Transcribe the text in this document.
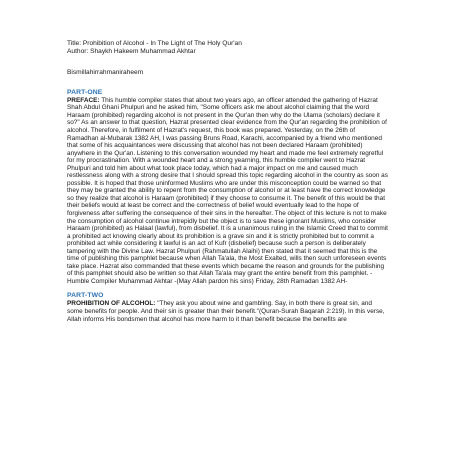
Title: Prohibition of Alcohol - In The Light of The Holy Qur'an

Author: Shaykh Hakeem Muhammad Akhtar

Bismillahirrahmaniraheem

PART-ONE

PREFACE: This humble compiler states that about two years ago, an officer attended the gathering of Hazrat Shah Abdul Ghani Phulpuri and he asked him, "Some officers ask me about alcohol claiming that the word Haraam (prohibited) regarding alcohol is not present in the Qur'an then why do the Ulama (scholars) declare it so?" As an answer to that question, Hazrat presented clear evidence from the Qur'an regarding the prohibition of alcohol. Therefore, in fulfilment of Hazrat's request, this book was prepared. Yesterday, on the 26th of Ramadhan al-Mubarak 1382 AH, I was passing Bruns Road, Karachi, accompanied by a friend who mentioned that some of his acquaintances were discussing that alcohol has not been declared Haraam (prohibited) anywhere in the Qur'an. Listening to this conversation wounded my heart and made me feel extremely regretful for my procrastination. With a wounded heart and a strong yearning, this humble compiler went to Hazrat Phulpuri and told him about what took place today, which had a major impact on me and caused much restlessness along with a strong desire that I should spread this topic regarding alcohol in the country as soon as possible. It is hoped that those uninformed Muslims who are under this misconception could be warned so that they may be granted the ability to repent from the consumption of alcohol or at least have the correct knowledge so they realize that alcohol is Haraam (prohibited) if they choose to consume it. The benefit of this would be that their beliefs would at least be correct and the correctness of belief would eventually lead to the hope of forgiveness after suffering the consequence of their sins in the hereafter. The object of this lecture is not to make the consumption of alcohol continue intrepidly but the object is to save these ignorant Muslims, who consider Haraam (prohibited) as Halaal (lawful), from disbelief. It is a unanimous ruling in the Islamic Creed that to commit a prohibited act knowing clearly about its prohibition is a grave sin and it is strictly prohibited but to commit a prohibited act while considering it lawful is an act of Kufr (disbelief) because such a person is deliberately tampering with the Divine Law. Hazrat Phulpuri (Rahmatullah Alaihi) then stated that it seemed that this is the time of publishing this pamphlet because when Allah Ta'ala, the Most Exalted, wills then such unforeseen events take place. Hazrat also commanded that these events which became the reason and grounds for the publishing of this pamphlet should also be written so that Allah Ta'ala may grant the entire benefit from this pamphlet. -Humble Compiler Muhammad Akhtar -(May Allah pardon his sins) Friday, 28th Ramadan 1382 AH-

PART-TWO

PROHIBITION OF ALCOHOL: "They ask you about wine and gambling. Say, in both there is great sin, and some benefits for people. And their sin is greater than their benefit."(Quran-Surah Baqarah 2:219). In this verse, Allah informs His bondsmen that alcohol has more harm to it than benefit because the benefits are
